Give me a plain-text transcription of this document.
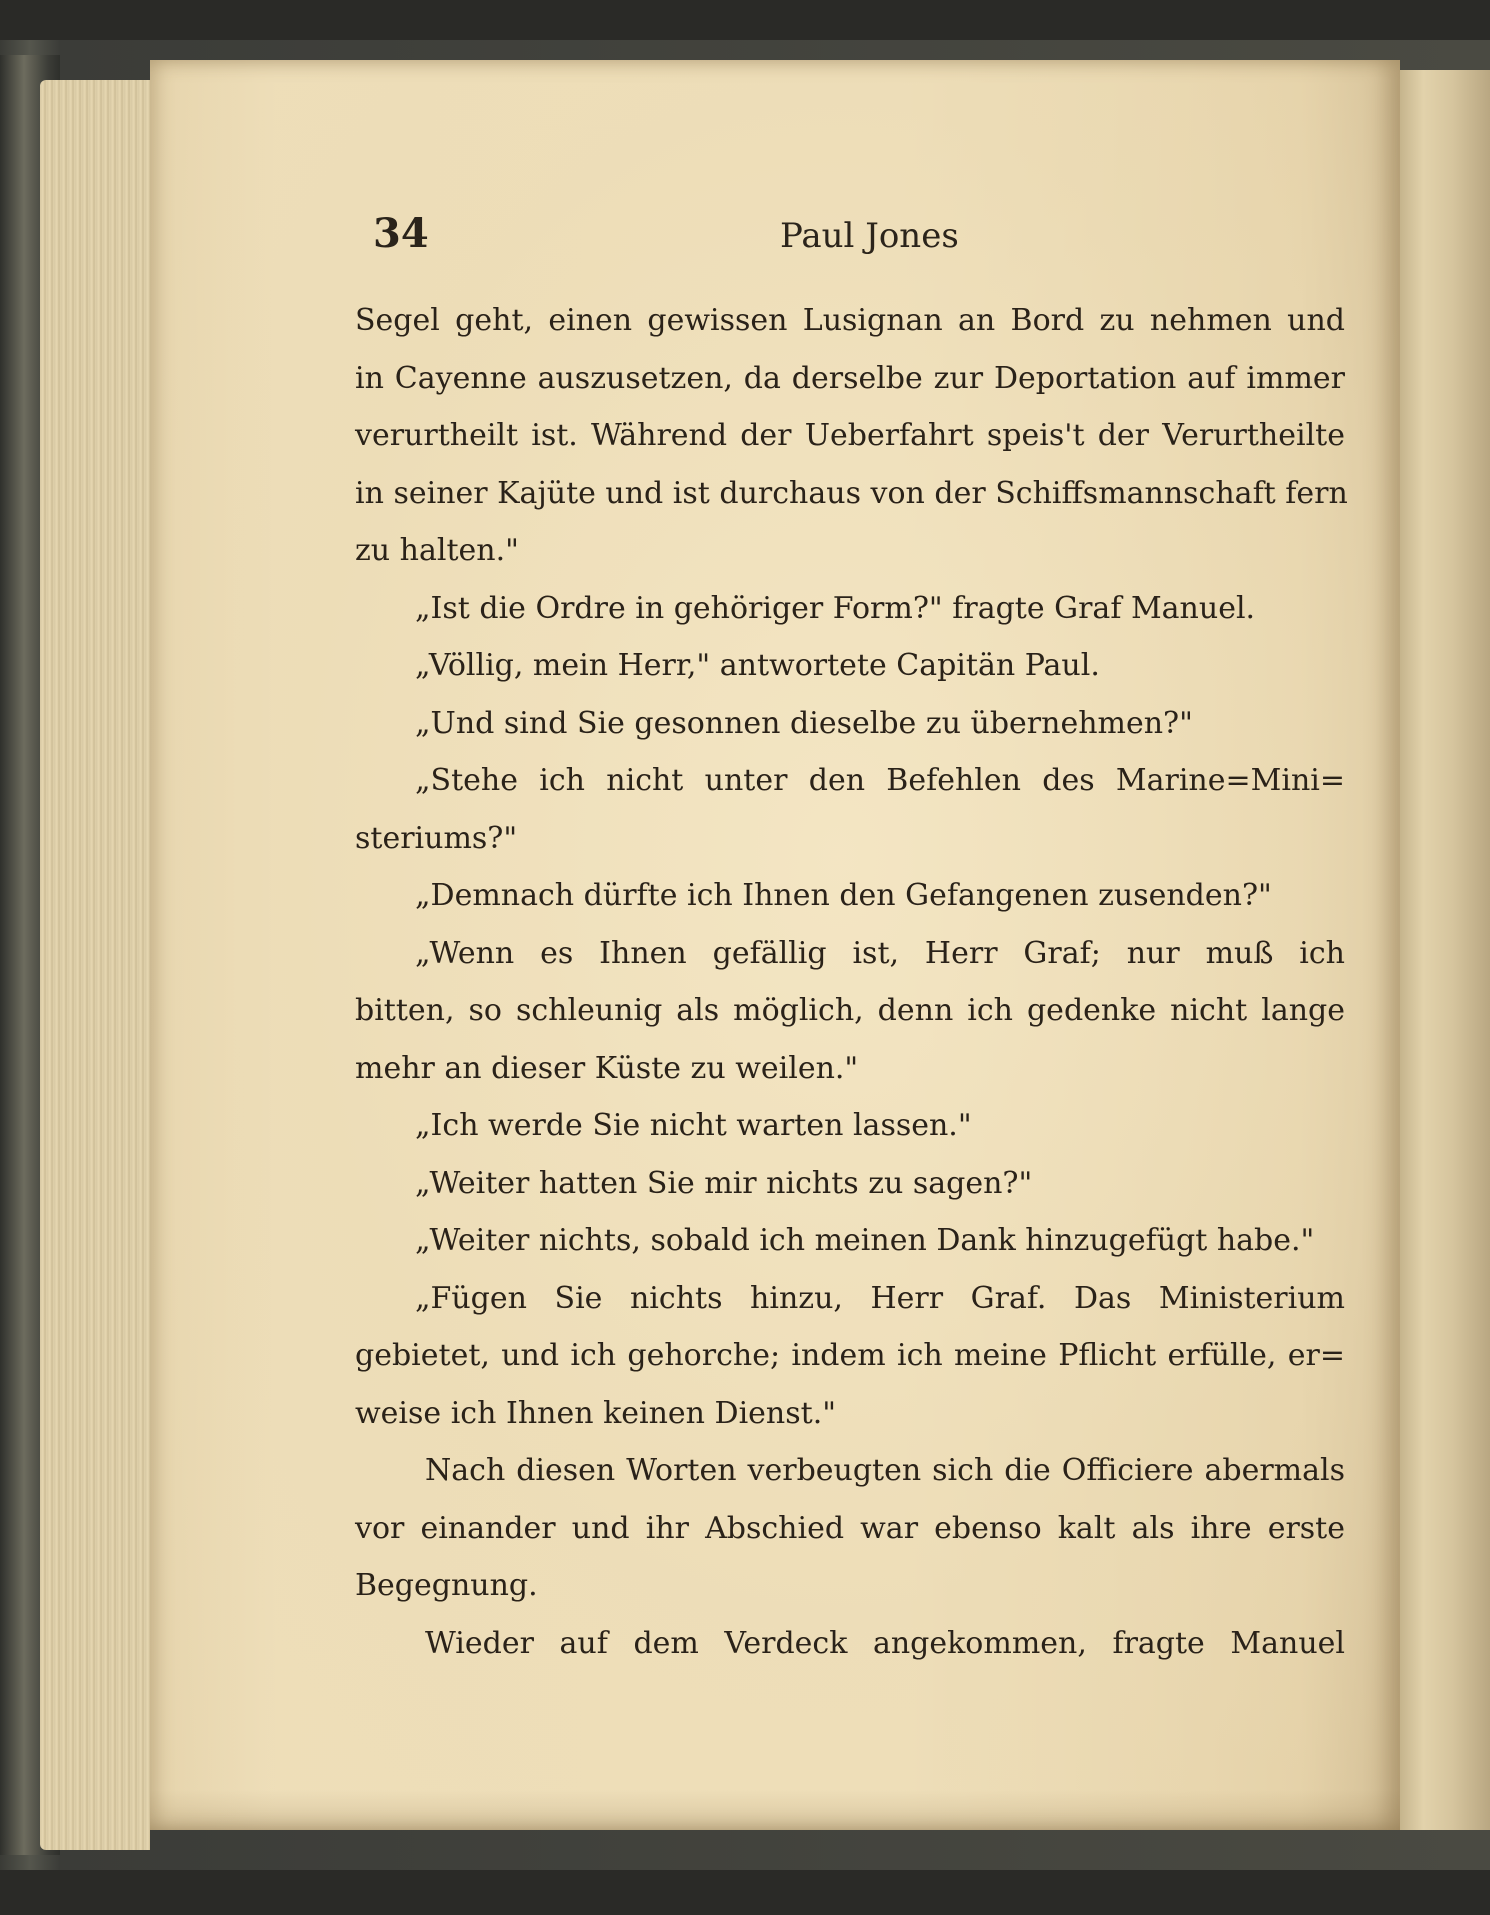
34	Paul Jones
Segel geht, einen gewissen Lusignan an Bord zu nehmen und
in Cayenne auszusetzen, da derselbe zur Deportation auf immer
verurtheilt ist. Während der Ueberfahrt speis't der Verurtheilte
in seiner Kajüte und ist durchaus von der Schiffsmannschaft fern
zu halten."
„Ist die Ordre in gehöriger Form?" fragte Graf Manuel.
„Völlig, mein Herr," antwortete Capitän Paul.
„Und sind Sie gesonnen dieselbe zu übernehmen?"
„Stehe ich nicht unter den Befehlen des Marine=Mini=
steriums?"
„Demnach dürfte ich Ihnen den Gefangenen zusenden?"
„Wenn es Ihnen gefällig ist, Herr Graf; nur muß ich
bitten, so schleunig als möglich, denn ich gedenke nicht lange
mehr an dieser Küste zu weilen."
„Ich werde Sie nicht warten lassen."
„Weiter hatten Sie mir nichts zu sagen?"
„Weiter nichts, sobald ich meinen Dank hinzugefügt habe."
„Fügen Sie nichts hinzu, Herr Graf. Das Ministerium
gebietet, und ich gehorche; indem ich meine Pflicht erfülle, er=
weise ich Ihnen keinen Dienst."
Nach diesen Worten verbeugten sich die Officiere abermals
vor einander und ihr Abschied war ebenso kalt als ihre erste
Begegnung.
Wieder auf dem Verdeck angekommen, fragte Manuel
